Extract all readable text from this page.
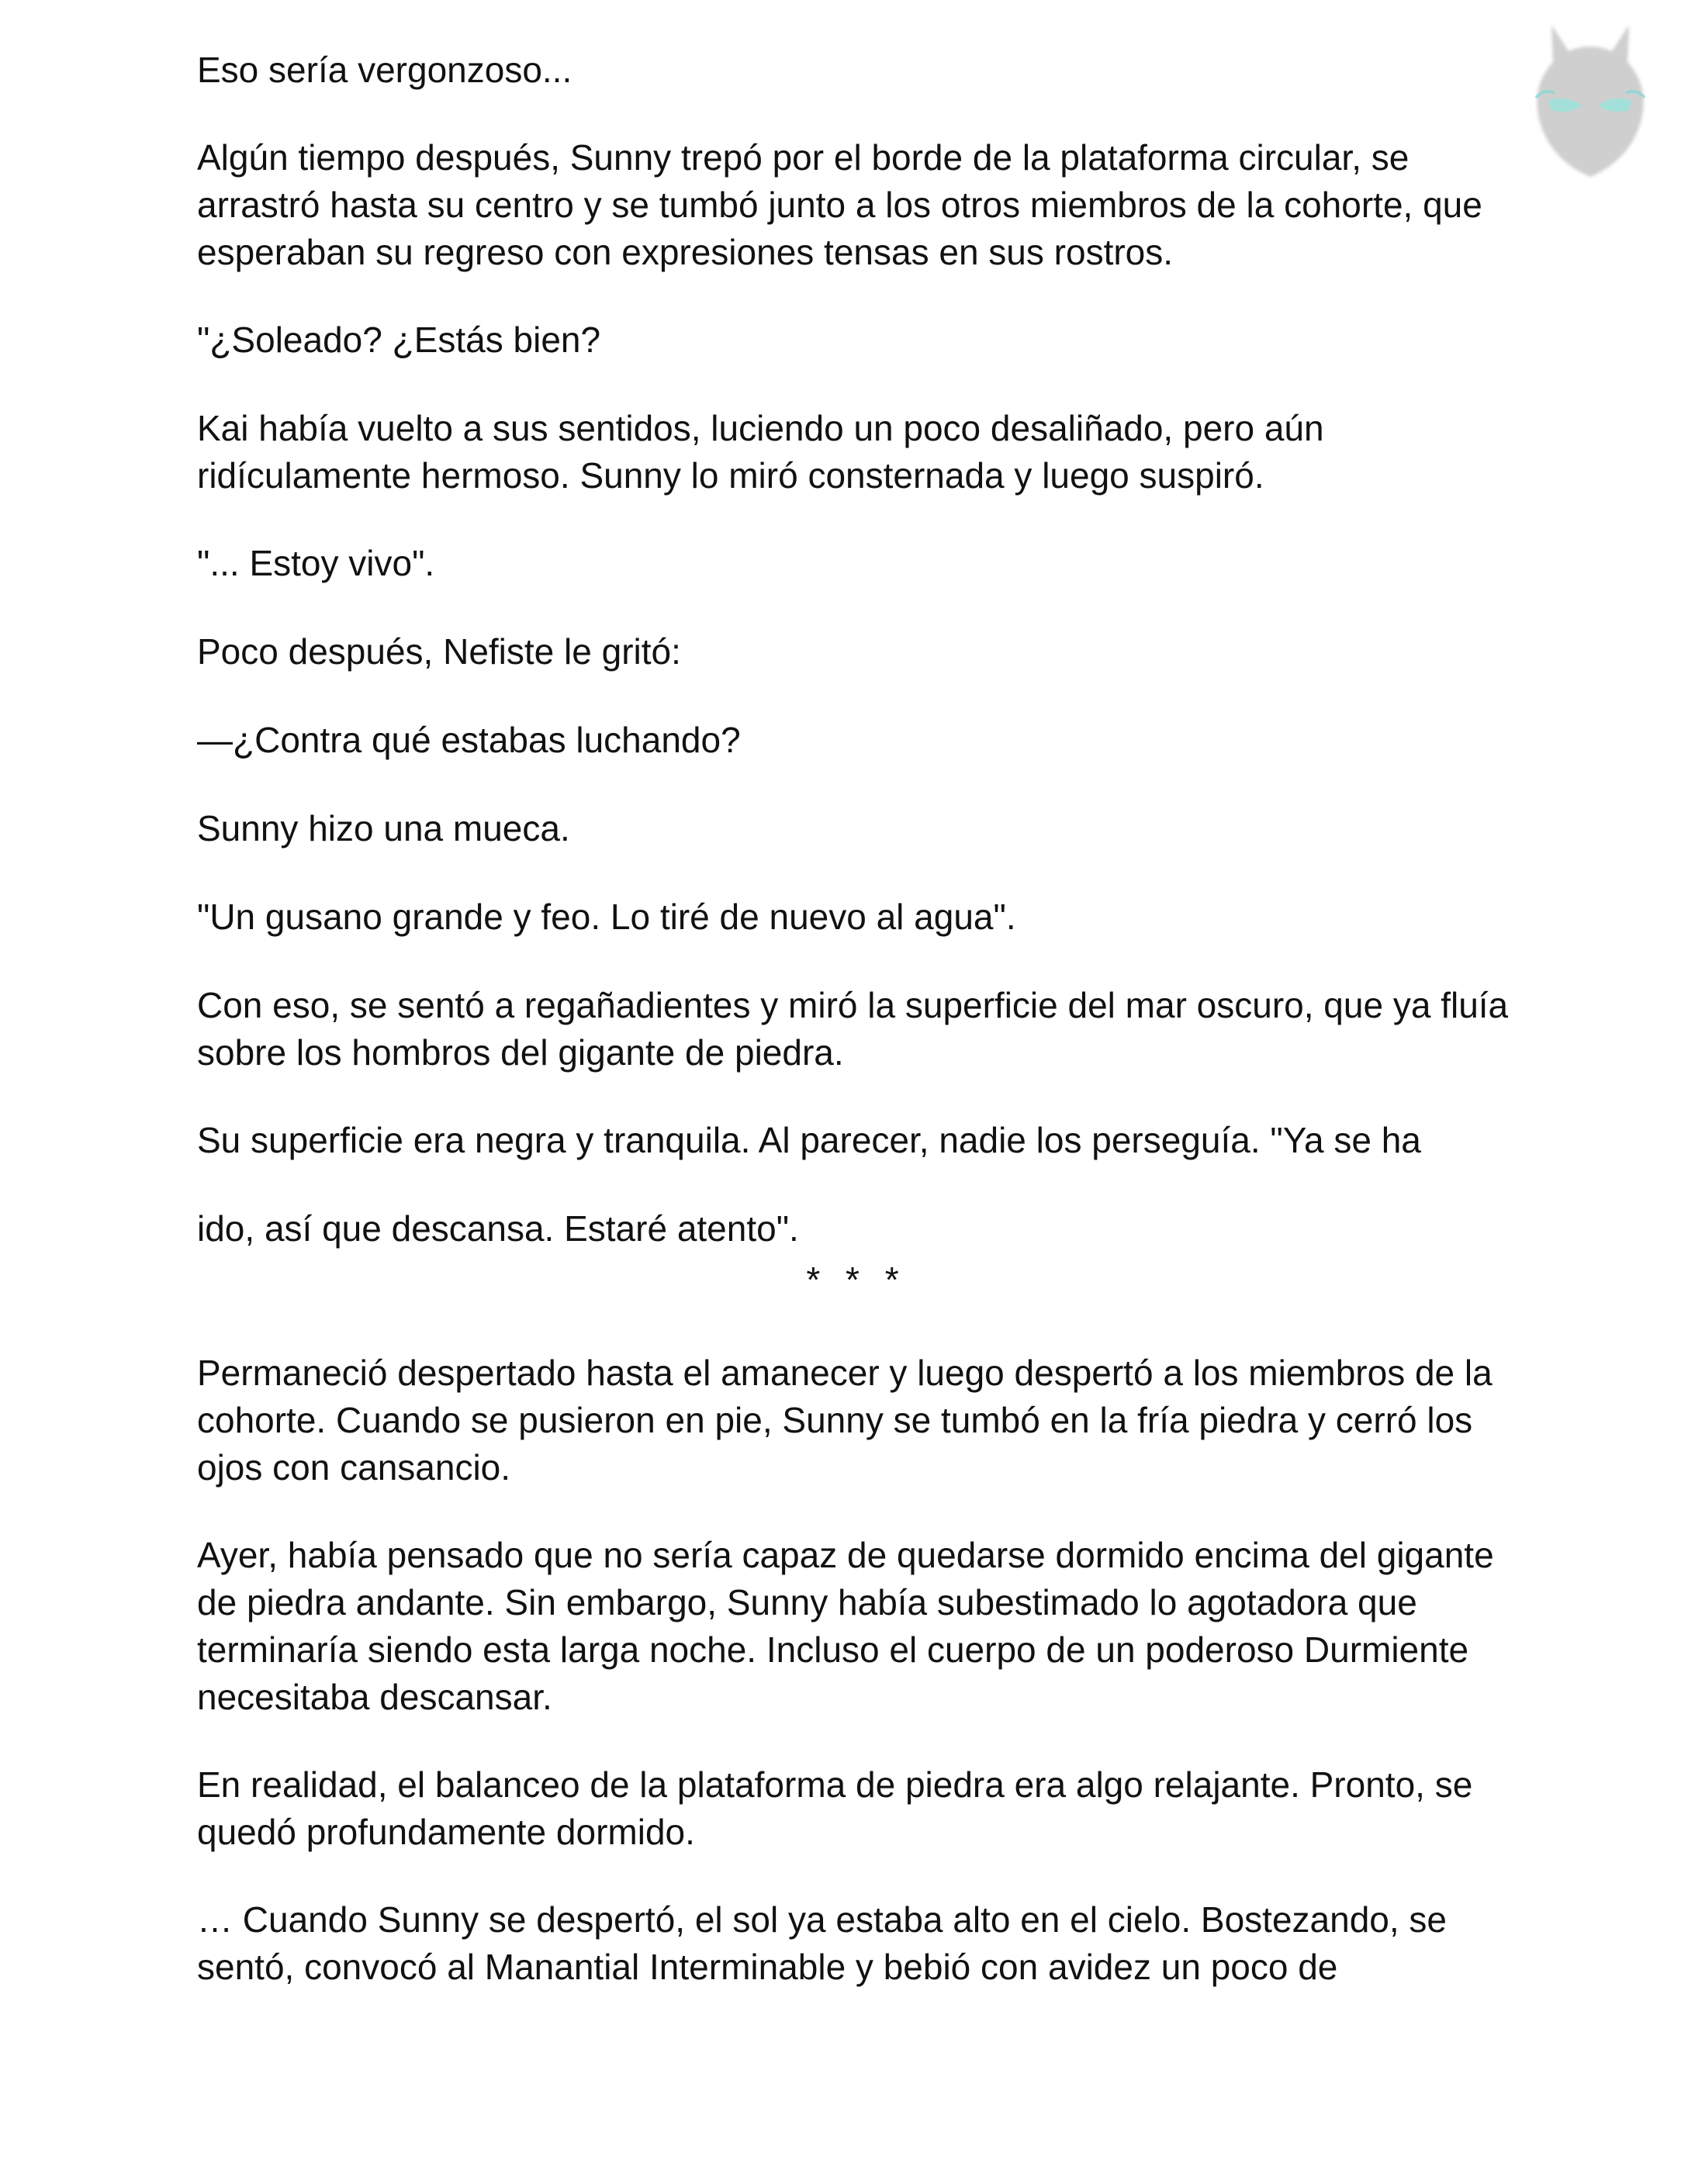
Eso sería vergonzoso...

Algún tiempo después, Sunny trepó por el borde de la plataforma circular, se arrastró hasta su centro y se tumbó junto a los otros miembros de la cohorte, que esperaban su regreso con expresiones tensas en sus rostros.

"¿Soleado? ¿Estás bien?

Kai había vuelto a sus sentidos, luciendo un poco desaliñado, pero aún ridículamente hermoso. Sunny lo miró consternada y luego suspiró.

"... Estoy vivo".

Poco después, Nefiste le gritó:

—¿Contra qué estabas luchando?

Sunny hizo una mueca.

"Un gusano grande y feo. Lo tiré de nuevo al agua".

Con eso, se sentó a regañadientes y miró la superficie del mar oscuro, que ya fluía sobre los hombros del gigante de piedra.

Su superficie era negra y tranquila. Al parecer, nadie los perseguía. "Ya se ha

ido, así que descansa. Estaré atento".

* * *

Permaneció despertado hasta el amanecer y luego despertó a los miembros de la cohorte. Cuando se pusieron en pie, Sunny se tumbó en la fría piedra y cerró los ojos con cansancio.

Ayer, había pensado que no sería capaz de quedarse dormido encima del gigante de piedra andante. Sin embargo, Sunny había subestimado lo agotadora que terminaría siendo esta larga noche. Incluso el cuerpo de un poderoso Durmiente necesitaba descansar.

En realidad, el balanceo de la plataforma de piedra era algo relajante. Pronto, se quedó profundamente dormido.

… Cuando Sunny se despertó, el sol ya estaba alto en el cielo. Bostezando, se sentó, convocó al Manantial Interminable y bebió con avidez un poco de
